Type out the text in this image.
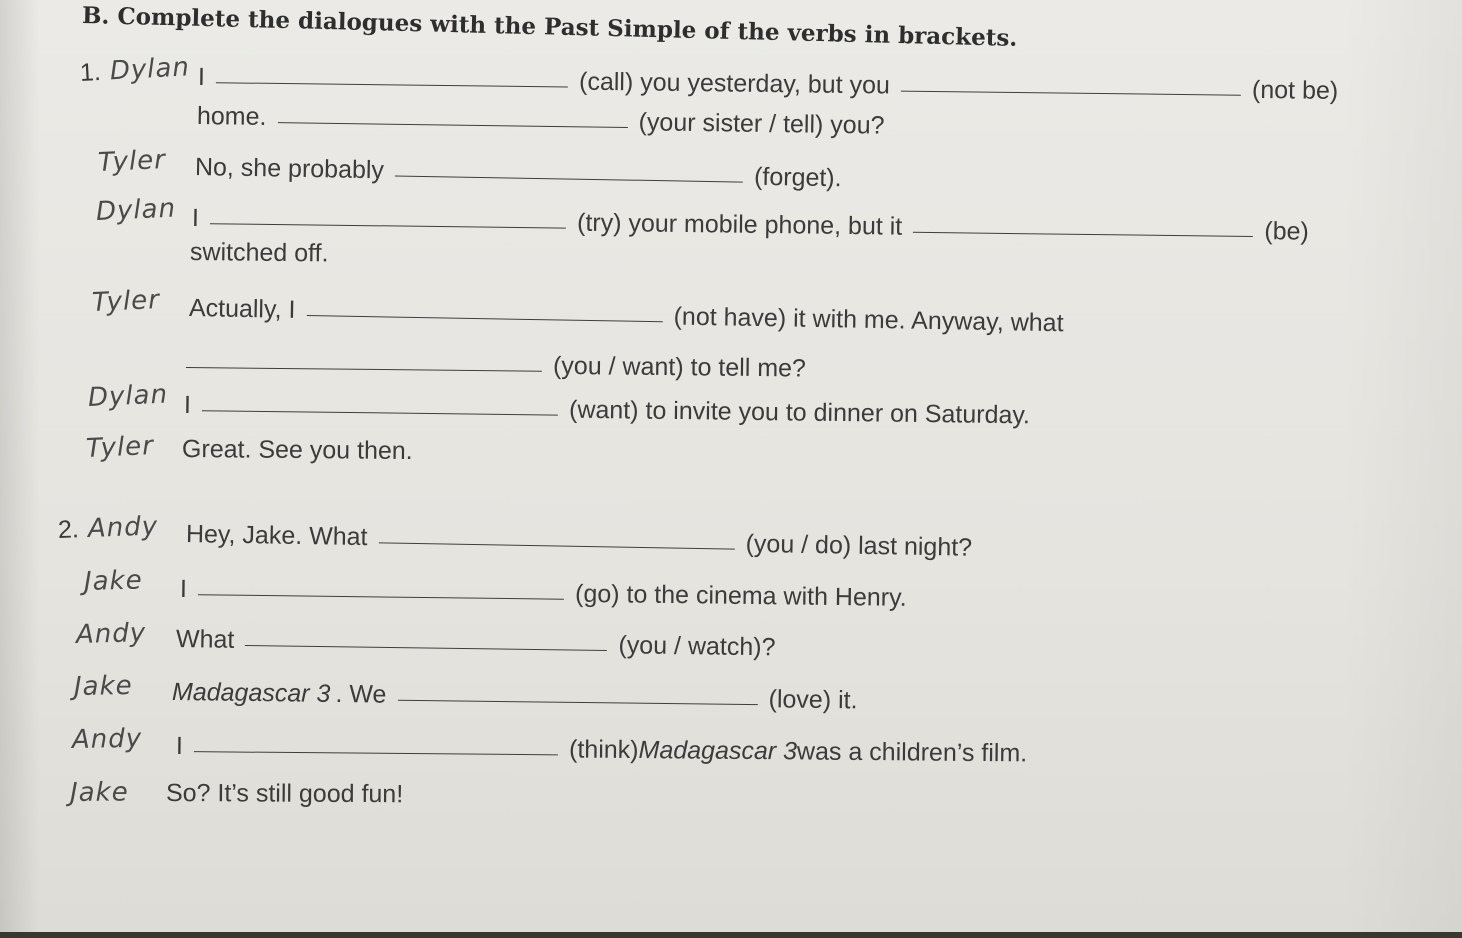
B. Complete the dialogues with the Past Simple of the verbs in brackets.
1. Dylan I	(call) you yesterday, but you	(not be)
home.	(your sister / tell) you?
Tyler No, she probably	(forget).
Dylan I	(try) your mobile phone, but it	(be)
switched off.
Tyler Actually, I	(not have) it with me. Anyway, what
(you / want) to tell me?
Dylan I	(want) to invite you to dinner on Saturday.
Tyler Great. See you then.
2. Andy Hey, Jake. What	(you / do) last night?
Jake I	(go) to the cinema with Henry.
Andy What	(you / watch)?
Jake Madagascar 3 . We	(love) it.
Andy I	(think)Madagascar 3was a children’s film.
Jake So? It’s still good fun!
